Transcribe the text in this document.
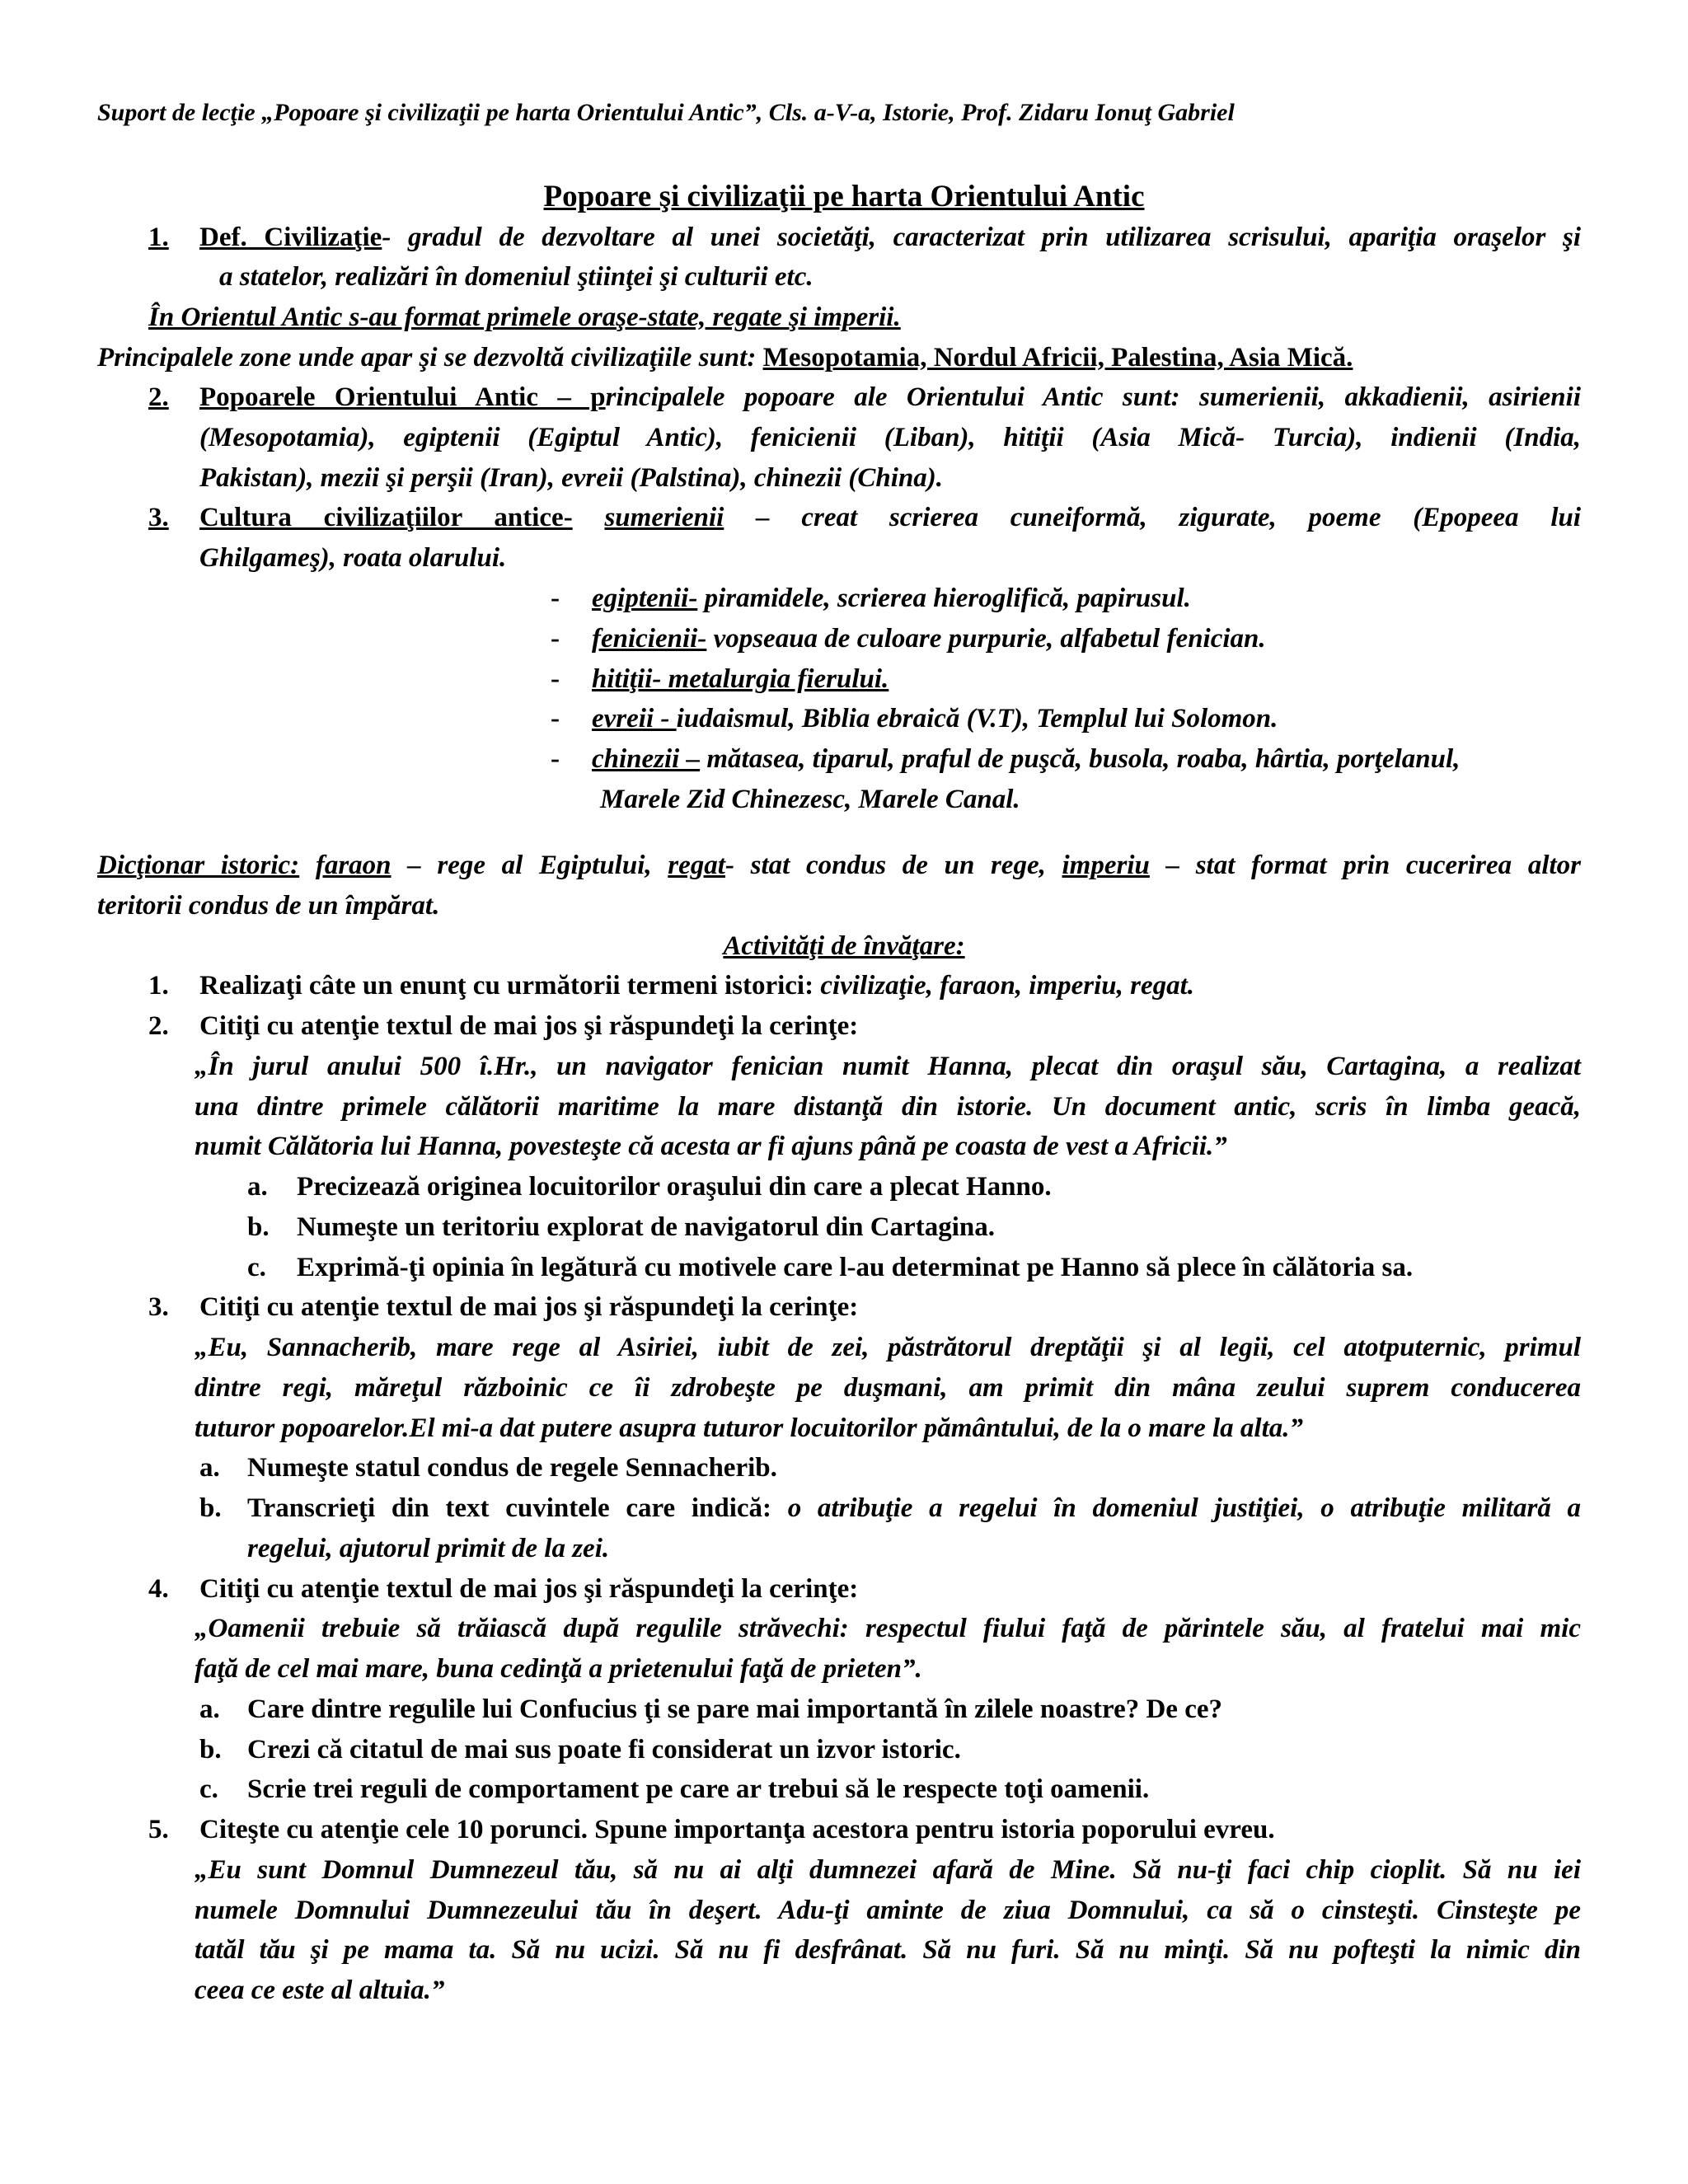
Suport de lecţie „Popoare şi civilizaţii pe harta Orientului Antic”, Cls. a-V-a, Istorie, Prof. Zidaru Ionuţ Gabriel
Popoare şi civilizaţii pe harta Orientului Antic
1. Def. Civilizaţie- gradul de dezvoltare al unei societăţi, caracterizat prin utilizarea scrisului, apariţia oraşelor şi
a statelor, realizări în domeniul ştiinţei şi culturii etc.
În Orientul Antic s-au format primele oraşe-state, regate şi imperii.
Principalele zone unde apar şi se dezvoltă civilizaţiile sunt: Mesopotamia, Nordul Africii, Palestina, Asia Mică.
2. Popoarele Orientului Antic – principalele popoare ale Orientului Antic sunt: sumerienii, akkadienii, asirienii
(Mesopotamia), egiptenii (Egiptul Antic), fenicienii (Liban), hitiţii (Asia Mică- Turcia), indienii (India,
Pakistan), mezii şi perşii (Iran), evreii (Palstina), chinezii (China).
3. Cultura civilizaţiilor antice- sumerienii – creat scrierea cuneiformă, zigurate, poeme (Epopeea lui
Ghilgameş), roata olarului.
- egiptenii- piramidele, scrierea hieroglifică, papirusul.
- fenicienii- vopseaua de culoare purpurie, alfabetul fenician.
- hitiţii- metalurgia fierului.
- evreii - iudaismul, Biblia ebraică (V.T), Templul lui Solomon.
- chinezii – mătasea, tiparul, praful de puşcă, busola, roaba, hârtia, porţelanul,
Marele Zid Chinezesc, Marele Canal.
Dicţionar istoric: faraon – rege al Egiptului, regat- stat condus de un rege, imperiu – stat format prin cucerirea altor
teritorii condus de un împărat.
Activităţi de învăţare:
1. Realizaţi câte un enunţ cu următorii termeni istorici: civilizaţie, faraon, imperiu, regat.
2. Citiţi cu atenţie textul de mai jos şi răspundeţi la cerinţe:
„În jurul anului 500 î.Hr., un navigator fenician numit Hanna, plecat din oraşul său, Cartagina, a realizat
una dintre primele călătorii maritime la mare distanţă din istorie. Un document antic, scris în limba geacă,
numit Călătoria lui Hanna, povesteşte că acesta ar fi ajuns până pe coasta de vest a Africii.”
a. Precizează originea locuitorilor oraşului din care a plecat Hanno.
b. Numeşte un teritoriu explorat de navigatorul din Cartagina.
c. Exprimă-ţi opinia în legătură cu motivele care l-au determinat pe Hanno să plece în călătoria sa.
3. Citiţi cu atenţie textul de mai jos şi răspundeţi la cerinţe:
„Eu, Sannacherib, mare rege al Asiriei, iubit de zei, păstrătorul dreptăţii şi al legii, cel atotputernic, primul
dintre regi, măreţul războinic ce îi zdrobeşte pe duşmani, am primit din mâna zeului suprem conducerea
tuturor popoarelor.El mi-a dat putere asupra tuturor locuitorilor pământului, de la o mare la alta.”
a. Numeşte statul condus de regele Sennacherib.
b. Transcrieţi din text cuvintele care indică: o atribuţie a regelui în domeniul justiţiei, o atribuţie militară a
regelui, ajutorul primit de la zei.
4. Citiţi cu atenţie textul de mai jos şi răspundeţi la cerinţe:
„Oamenii trebuie să trăiască după regulile străvechi: respectul fiului faţă de părintele său, al fratelui mai mic
faţă de cel mai mare, buna cedinţă a prietenului faţă de prieten”.
a. Care dintre regulile lui Confucius ţi se pare mai importantă în zilele noastre? De ce?
b. Crezi că citatul de mai sus poate fi considerat un izvor istoric.
c. Scrie trei reguli de comportament pe care ar trebui să le respecte toţi oamenii.
5. Citeşte cu atenţie cele 10 porunci. Spune importanţa acestora pentru istoria poporului evreu.
„Eu sunt Domnul Dumnezeul tău, să nu ai alţi dumnezei afară de Mine. Să nu-ţi faci chip cioplit. Să nu iei
numele Domnului Dumnezeului tău în deşert. Adu-ţi aminte de ziua Domnului, ca să o cinsteşti. Cinsteşte pe
tatăl tău şi pe mama ta. Să nu ucizi. Să nu fi desfrânat. Să nu furi. Să nu minţi. Să nu pofteşti la nimic din
ceea ce este al altuia.”
